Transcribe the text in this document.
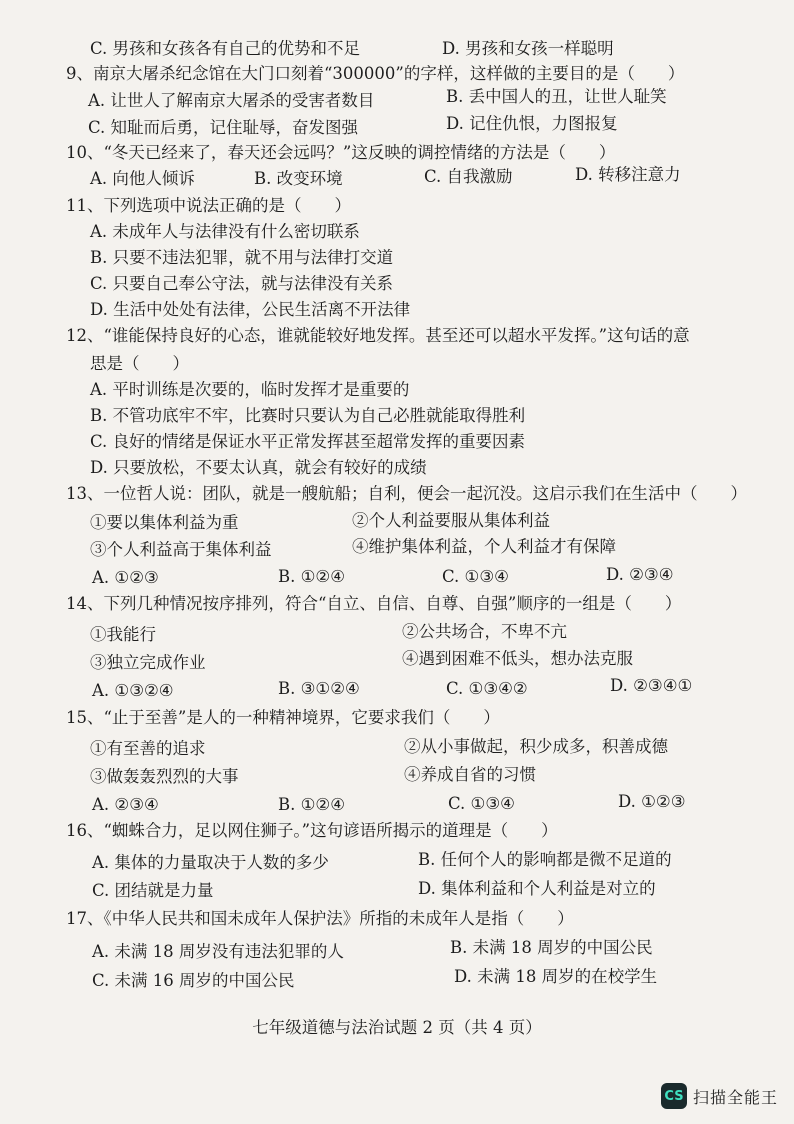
C. 男孩和女孩各有自己的优势和不足	D. 男孩和女孩一样聪明
9、南京大屠杀纪念馆在大门口刻着“300000”的字样，这样做的主要目的是（　　）
A. 让世人了解南京大屠杀的受害者数目	B. 丢中国人的丑，让世人耻笑
C. 知耻而后勇，记住耻辱，奋发图强	D. 记住仇恨，力图报复
10、“冬天已经来了，春天还会远吗？”这反映的调控情绪的方法是（　　）
A. 向他人倾诉	B. 改变环境	C. 自我激励	D. 转移注意力
11、下列选项中说法正确的是（　　）
A. 未成年人与法律没有什么密切联系
B. 只要不违法犯罪，就不用与法律打交道
C. 只要自己奉公守法，就与法律没有关系
D. 生活中处处有法律，公民生活离不开法律
12、“谁能保持良好的心态，谁就能较好地发挥。甚至还可以超水平发挥。”这句话的意
思是（　　）
A. 平时训练是次要的，临时发挥才是重要的
B. 不管功底牢不牢，比赛时只要认为自己必胜就能取得胜利
C. 良好的情绪是保证水平正常发挥甚至超常发挥的重要因素
D. 只要放松，不要太认真，就会有较好的成绩
13、一位哲人说：团队，就是一艘航船；自利，便会一起沉没。这启示我们在生活中（　　）
①要以集体利益为重	②个人利益要服从集体利益
③个人利益高于集体利益	④维护集体利益，个人利益才有保障
A. ①②③	B. ①②④	C. ①③④	D. ②③④
14、下列几种情况按序排列，符合“自立、自信、自尊、自强”顺序的一组是（　　）
①我能行	②公共场合，不卑不亢
③独立完成作业	④遇到困难不低头，想办法克服
A. ①③②④	B. ③①②④	C. ①③④②	D. ②③④①
15、“止于至善”是人的一种精神境界，它要求我们（　　）
①有至善的追求	②从小事做起，积少成多，积善成德
③做轰轰烈烈的大事	④养成自省的习惯
A. ②③④	B. ①②④	C. ①③④	D. ①②③
16、“蜘蛛合力，足以网住狮子。”这句谚语所揭示的道理是（　　）
A. 集体的力量取决于人数的多少	B. 任何个人的影响都是微不足道的
C. 团结就是力量	D. 集体利益和个人利益是对立的
17、《中华人民共和国未成年人保护法》所指的未成年人是指（　　）
A. 未满 18 周岁没有违法犯罪的人	B. 未满 18 周岁的中国公民
C. 未满 16 周岁的中国公民	D. 未满 18 周岁的在校学生
七年级道德与法治试题 2 页（共 4 页）
CS 扫描全能王
